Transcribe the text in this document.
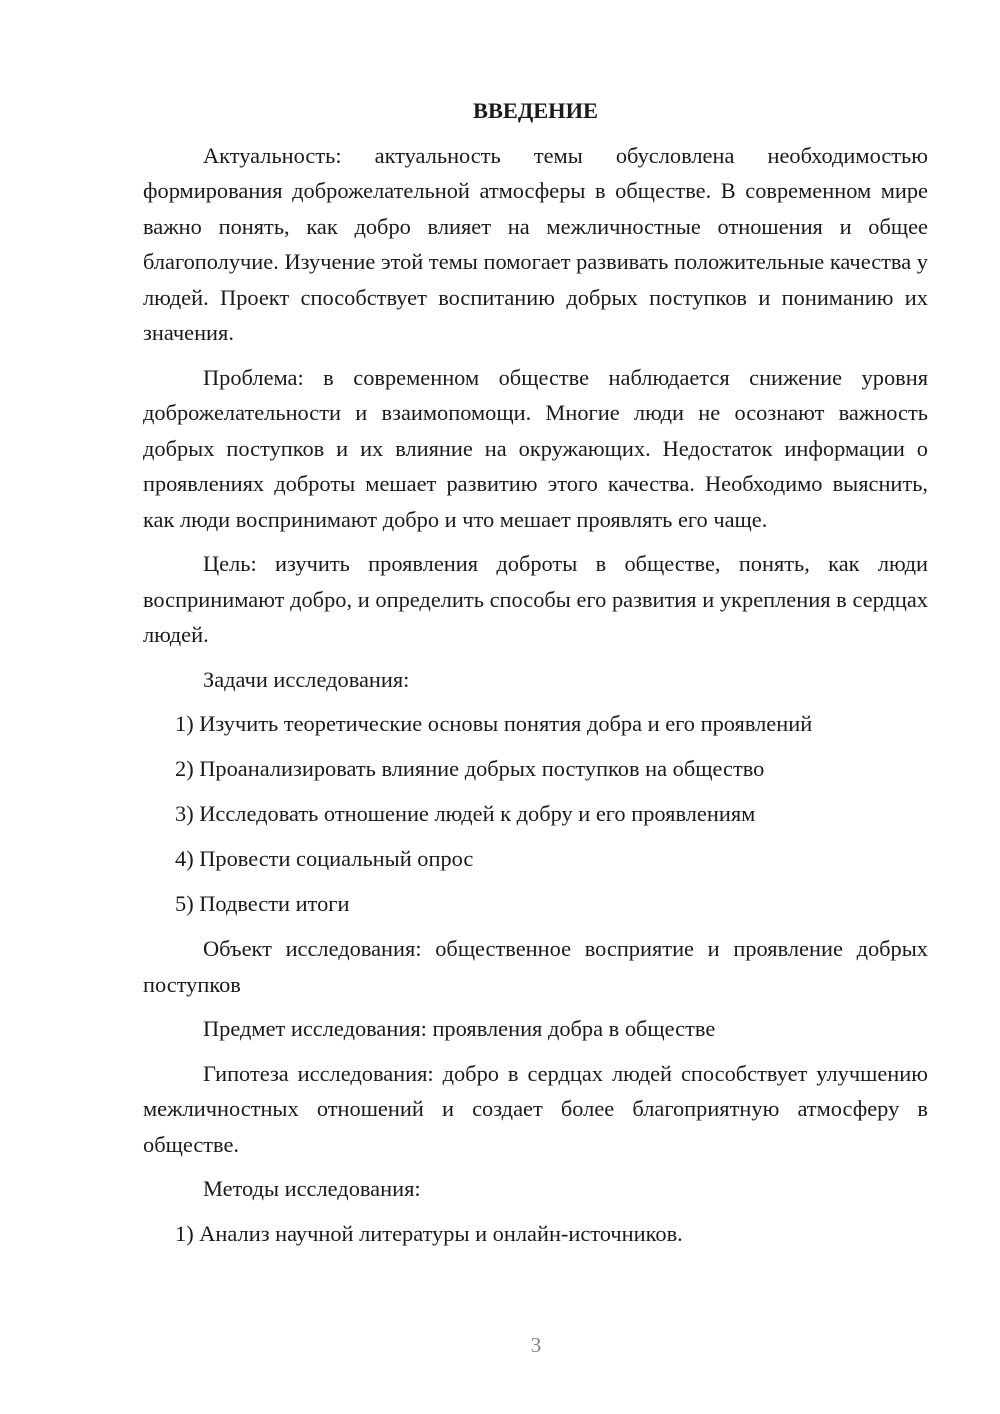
ВВЕДЕНИЕ

Актуальность: актуальность темы обусловлена необходимостью формирования доброжелательной атмосферы в обществе. В современном мире важно понять, как добро влияет на межличностные отношения и общее благополучие. Изучение этой темы помогает развивать положительные качества у людей. Проект способствует воспитанию добрых поступков и пониманию их значения.

Проблема: в современном обществе наблюдается снижение уровня доброжелательности и взаимопомощи. Многие люди не осознают важность добрых поступков и их влияние на окружающих. Недостаток информации о проявлениях доброты мешает развитию этого качества. Необходимо выяснить, как люди воспринимают добро и что мешает проявлять его чаще.

Цель: изучить проявления доброты в обществе, понять, как люди воспринимают добро, и определить способы его развития и укрепления в сердцах людей.

Задачи исследования:

1) Изучить теоретические основы понятия добра и его проявлений
2) Проанализировать влияние добрых поступков на общество
3) Исследовать отношение людей к добру и его проявлениям
4) Провести социальный опрос
5) Подвести итоги

Объект исследования: общественное восприятие и проявление добрых поступков

Предмет исследования: проявления добра в обществе

Гипотеза исследования: добро в сердцах людей способствует улучшению межличностных отношений и создает более благоприятную атмосферу в обществе.

Методы исследования:

1) Анализ научной литературы и онлайн-источников.
3
